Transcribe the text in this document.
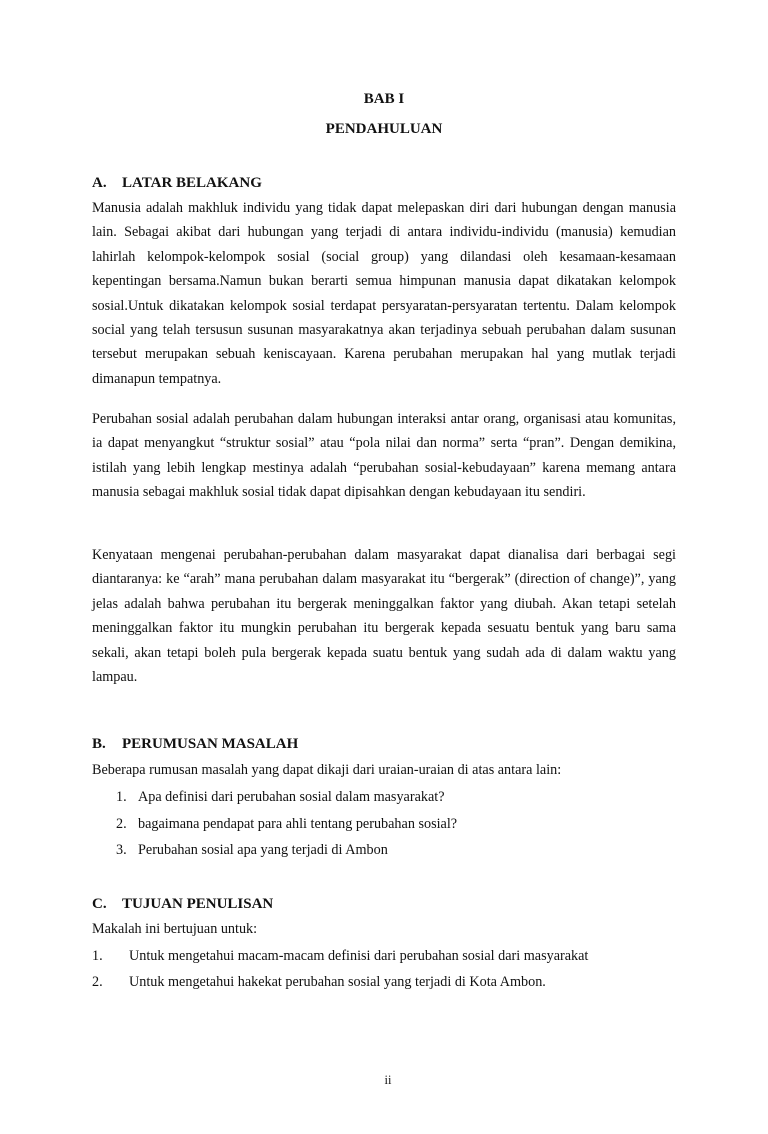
BAB I
PENDAHULUAN
A. LATAR BELAKANG

Manusia adalah makhluk individu yang tidak dapat melepaskan diri dari hubungan dengan manusia lain. Sebagai akibat dari hubungan yang terjadi di antara individu-individu (manusia) kemudian lahirlah kelompok-kelompok sosial (social group) yang dilandasi oleh kesamaan-kesamaan kepentingan bersama.Namun bukan berarti semua himpunan manusia dapat dikatakan kelompok sosial.Untuk dikatakan kelompok sosial terdapat persyaratan-persyaratan tertentu. Dalam kelompok social yang telah tersusun susunan masyarakatnya akan terjadinya sebuah perubahan dalam susunan tersebut merupakan sebuah keniscayaan. Karena perubahan merupakan hal yang mutlak terjadi dimanapun tempatnya.

Perubahan sosial adalah perubahan dalam hubungan interaksi antar orang, organisasi atau komunitas, ia dapat menyangkut “struktur sosial” atau “pola nilai dan norma” serta “pran”. Dengan demikina, istilah yang lebih lengkap mestinya adalah “perubahan sosial-kebudayaan” karena memang antara manusia sebagai makhluk sosial tidak dapat dipisahkan dengan kebudayaan itu sendiri.

Kenyataan mengenai perubahan-perubahan dalam masyarakat dapat dianalisa dari berbagai segi diantaranya: ke “arah” mana perubahan dalam masyarakat itu “bergerak” (direction of change)”, yang jelas adalah bahwa perubahan itu bergerak meninggalkan faktor yang diubah. Akan tetapi setelah meninggalkan faktor itu mungkin perubahan itu bergerak kepada sesuatu bentuk yang baru sama sekali, akan tetapi boleh pula bergerak kepada suatu bentuk yang sudah ada di dalam waktu yang lampau.

B. PERUMUSAN MASALAH
Beberapa rumusan masalah yang dapat dikaji dari uraian-uraian di atas antara lain:
1. Apa definisi dari perubahan sosial dalam masyarakat?
2. bagaimana pendapat para ahli tentang perubahan sosial?
3. Perubahan sosial apa yang terjadi di Ambon
C. TUJUAN PENULISAN
Makalah ini bertujuan untuk:
1. Untuk mengetahui macam-macam definisi dari perubahan sosial dari masyarakat
2. Untuk mengetahui hakekat perubahan sosial yang terjadi di Kota Ambon.
ii
